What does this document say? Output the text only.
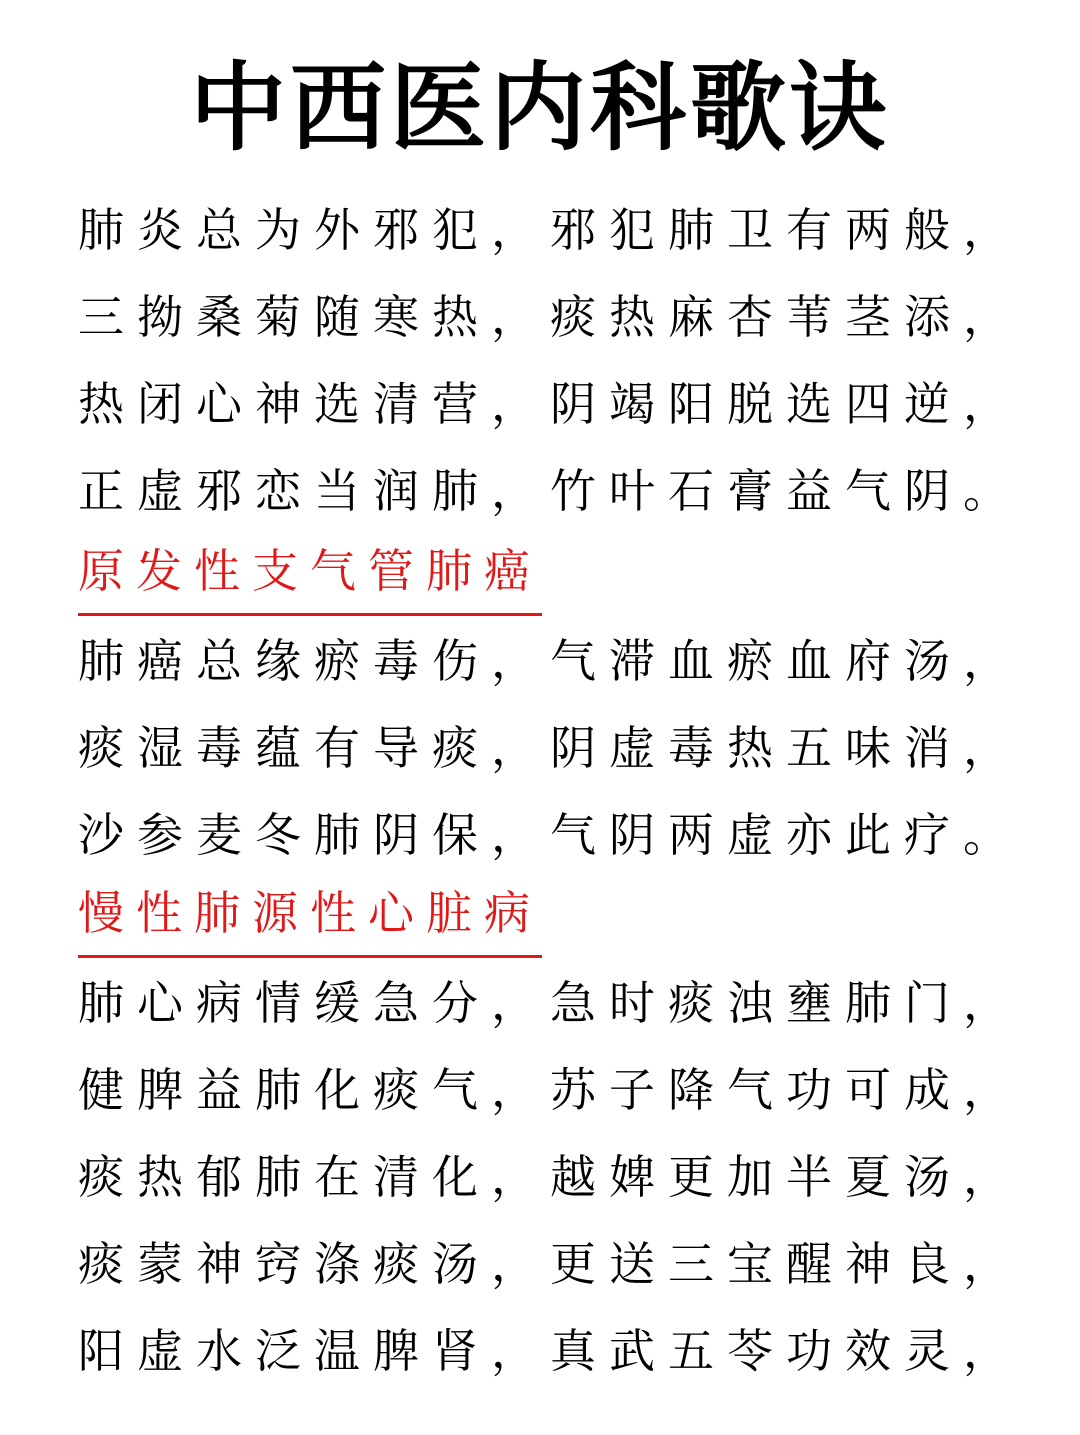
中西医内科歌诀
肺炎总为外邪犯，邪犯肺卫有两般，
三拗桑菊随寒热，痰热麻杏苇茎添，
热闭心神选清营，阴竭阳脱选四逆，
正虚邪恋当润肺，竹叶石膏益气阴。
原发性支气管肺癌
肺癌总缘瘀毒伤，气滞血瘀血府汤，
痰湿毒蕴有导痰，阴虚毒热五味消，
沙参麦冬肺阴保，气阴两虚亦此疗。
慢性肺源性心脏病
肺心病情缓急分，急时痰浊壅肺门，
健脾益肺化痰气，苏子降气功可成，
痰热郁肺在清化，越婢更加半夏汤，
痰蒙神窍涤痰汤，更送三宝醒神良，
阳虚水泛温脾肾，真武五苓功效灵，
